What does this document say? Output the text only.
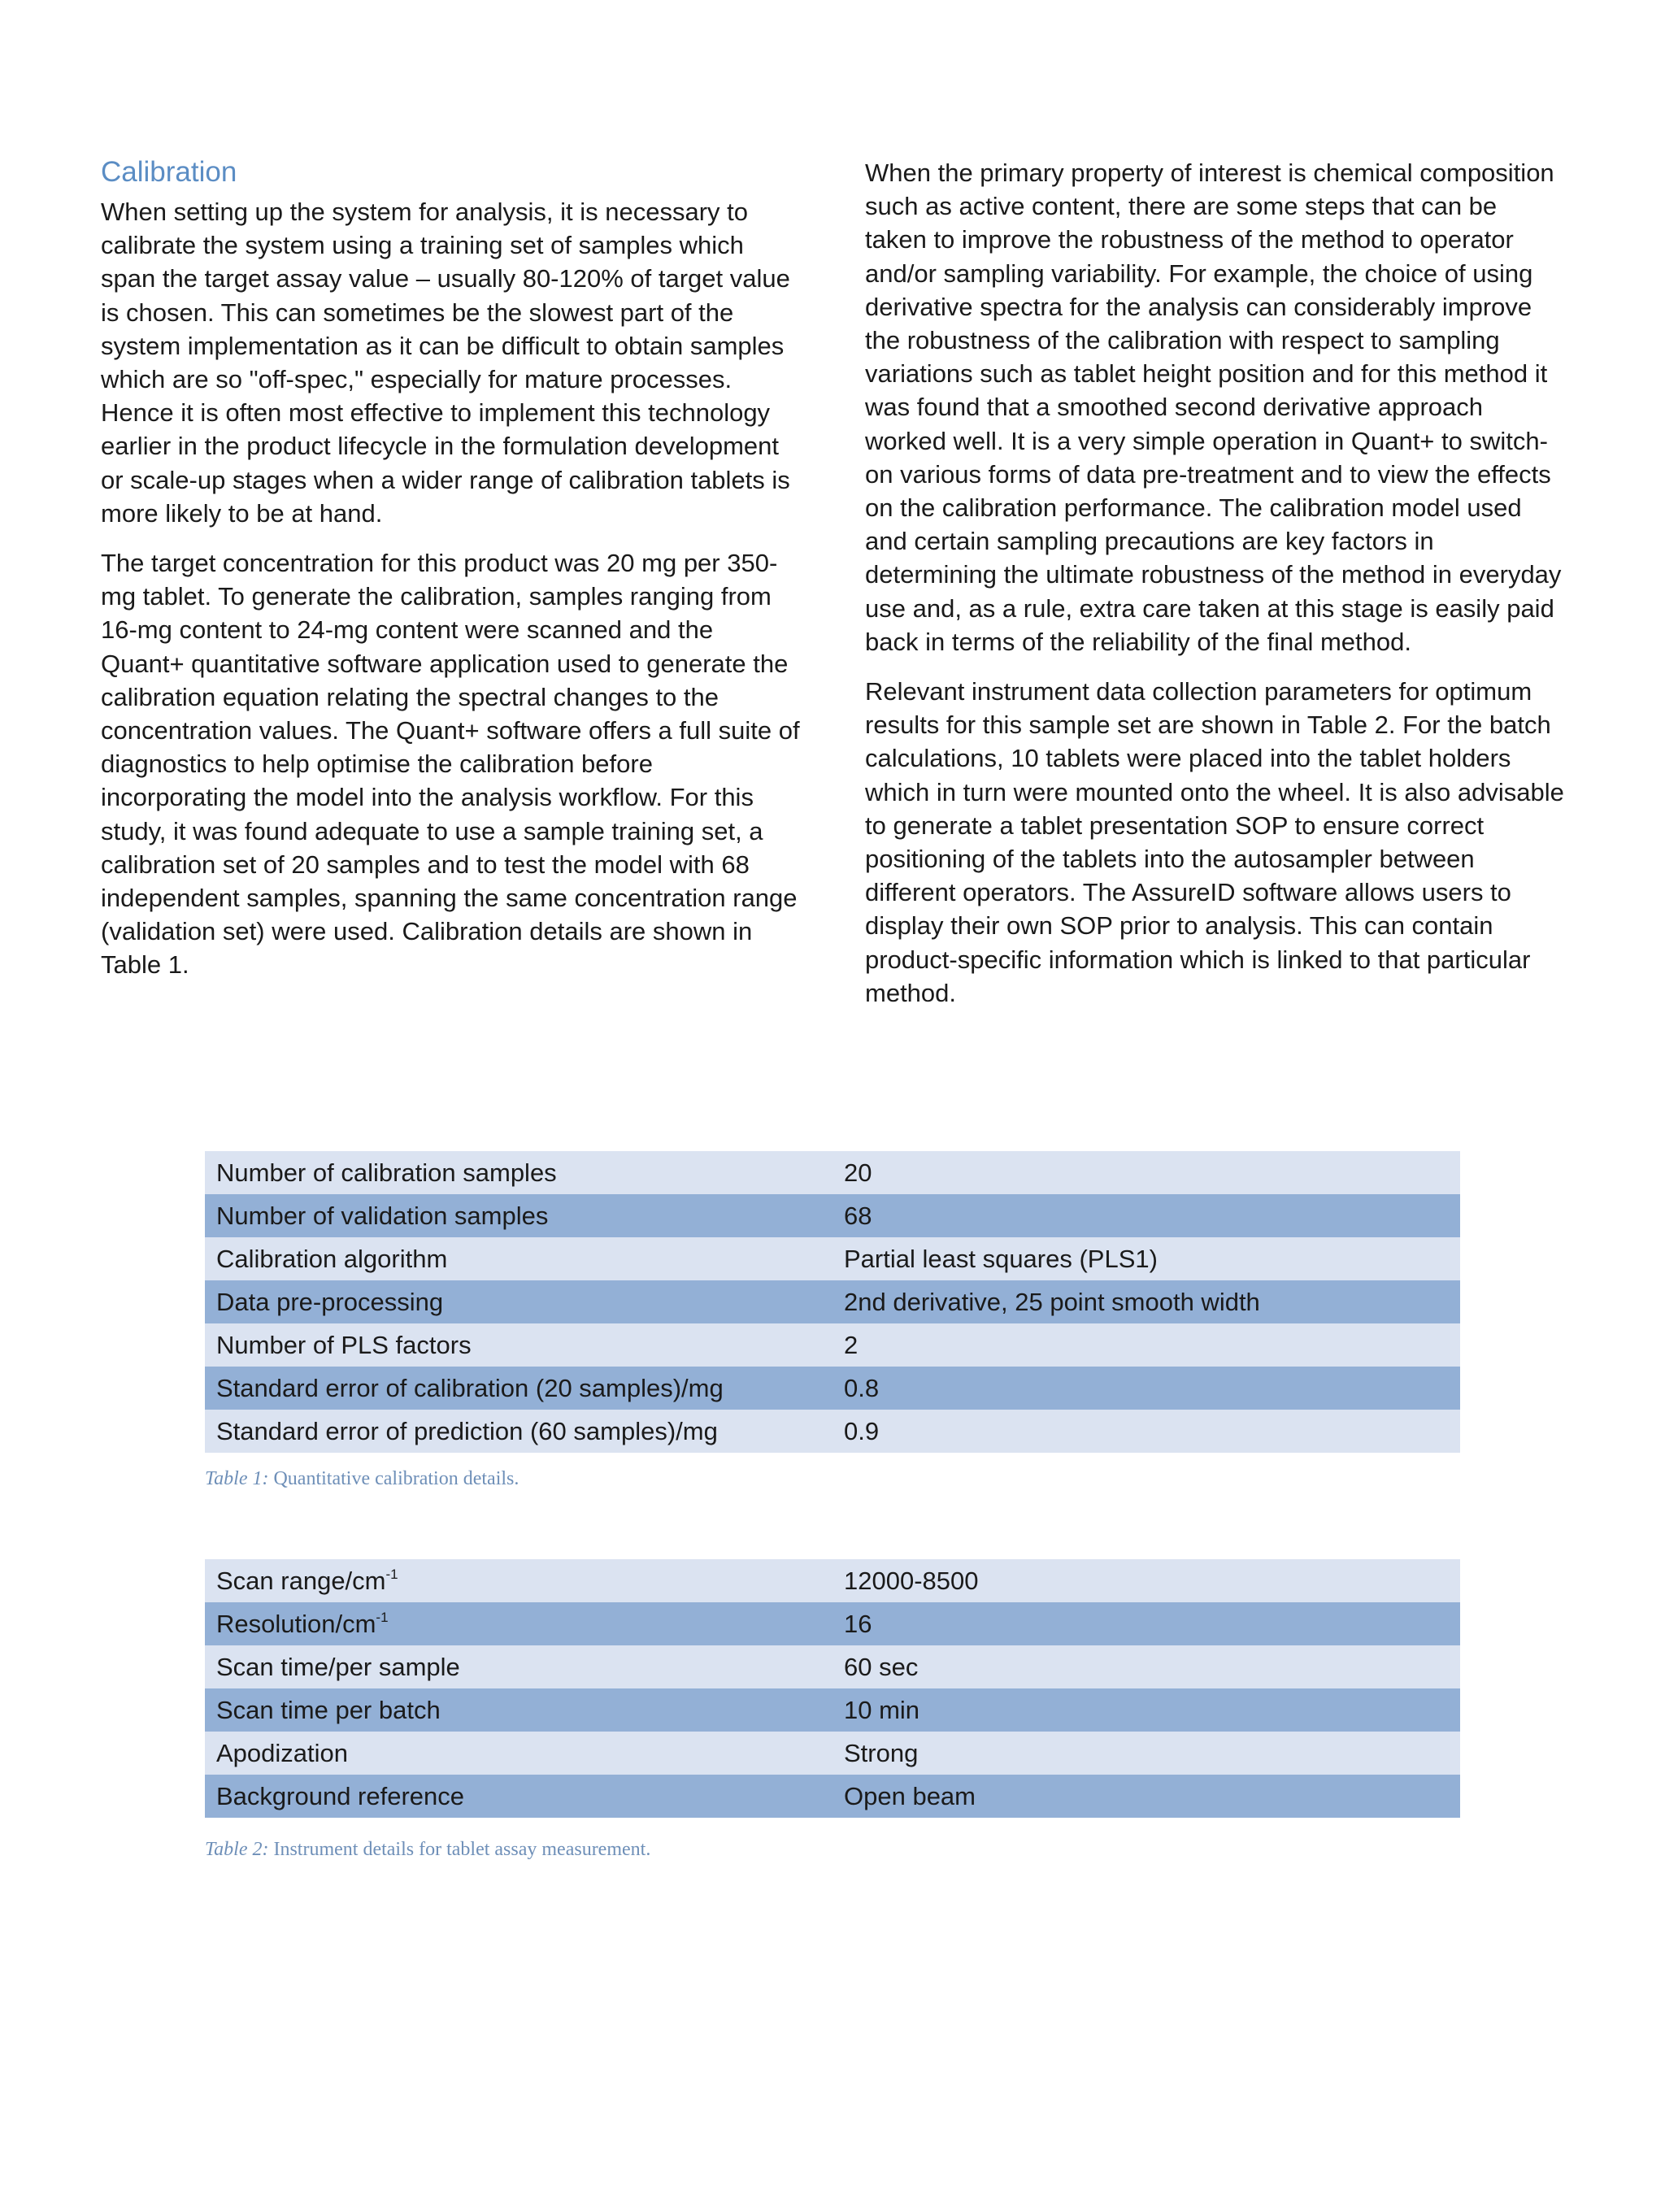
Calibration

When setting up the system for analysis, it is necessary to calibrate the system using a training set of samples which span the target assay value – usually 80-120% of target value is chosen. This can sometimes be the slowest part of the system implementation as it can be difficult to obtain samples which are so "off-spec," especially for mature processes. Hence it is often most effective to implement this technology earlier in the product lifecycle in the formulation development or scale-up stages when a wider range of calibration tablets is more likely to be at hand.

The target concentration for this product was 20 mg per 350-mg tablet. To generate the calibration, samples ranging from 16-mg content to 24-mg content were scanned and the Quant+ quantitative software application used to generate the calibration equation relating the spectral changes to the concentration values. The Quant+ software offers a full suite of diagnostics to help optimise the calibration before incorporating the model into the analysis workflow. For this study, it was found adequate to use a sample training set, a calibration set of 20 samples and to test the model with 68 independent samples, spanning the same concentration range (validation set) were used. Calibration details are shown in Table 1.

When the primary property of interest is chemical composition such as active content, there are some steps that can be taken to improve the robustness of the method to operator and/or sampling variability. For example, the choice of using derivative spectra for the analysis can considerably improve the robustness of the calibration with respect to sampling variations such as tablet height position and for this method it was found that a smoothed second derivative approach worked well. It is a very simple operation in Quant+ to switch-on various forms of data pre-treatment and to view the effects on the calibration performance. The calibration model used and certain sampling precautions are key factors in determining the ultimate robustness of the method in everyday use and, as a rule, extra care taken at this stage is easily paid back in terms of the reliability of the final method.

Relevant instrument data collection parameters for optimum results for this sample set are shown in Table 2. For the batch calculations, 10 tablets were placed into the tablet holders which in turn were mounted onto the wheel. It is also advisable to generate a tablet presentation SOP to ensure correct positioning of the tablets into the autosampler between different operators. The AssureID software allows users to display their own SOP prior to analysis. This can contain product-specific information which is linked to that particular method.

Number of calibration samples	20
Number of validation samples	68
Calibration algorithm	Partial least squares (PLS1)
Data pre-processing	2nd derivative, 25 point smooth width
Number of PLS factors	2
Standard error of calibration (20 samples)/mg	0.8
Standard error of prediction (60 samples)/mg	0.9
Table 1: Quantitative calibration details.
Scan range/$cm^{-1}$	12000-8500
Resolution/$cm^{-1}$	16
Scan time/per sample	60 sec
Scan time per batch	10 min
Apodization	Strong
Background reference	Open beam
Table 2: Instrument details for tablet assay measurement.
